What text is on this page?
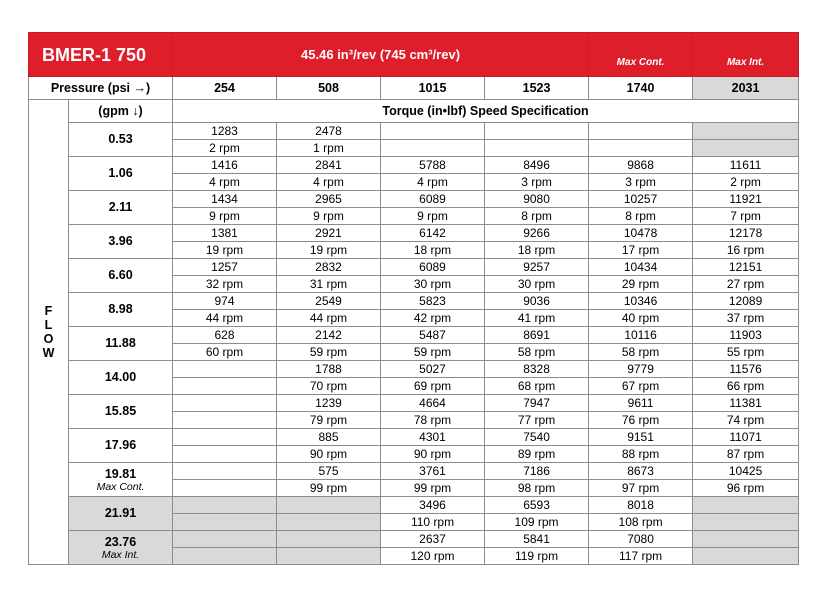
BMER-1 750		45.46 in³/rev (745 cm³/rev)				Max Cont.	Max Int.
Pressure (psi →)		254	508	1015	1523	1740	2031

F
L
O
W	(gpm ↓)	Torque (in•lbf) Speed Specification					

	0.53	1283	2478				
		2 rpm	1 rpm				

	1.06	1416	2841	5788	8496	9868	11611
		4 rpm	4 rpm	4 rpm	3 rpm	3 rpm	2 rpm

	2.11	1434	2965	6089	9080	10257	11921
		9 rpm	9 rpm	9 rpm	8 rpm	8 rpm	7 rpm

	3.96	1381	2921	6142	9266	10478	12178
		19 rpm	19 rpm	18 rpm	18 rpm	17 rpm	16 rpm

	6.60	1257	2832	6089	9257	10434	12151
		32 rpm	31 rpm	30 rpm	30 rpm	29 rpm	27 rpm

	8.98	974	2549	5823	9036	10346	12089
		44 rpm	44 rpm	42 rpm	41 rpm	40 rpm	37 rpm

	11.88	628	2142	5487	8691	10116	11903
		60 rpm	59 rpm	59 rpm	58 rpm	58 rpm	55 rpm

	14.00		1788	5027	8328	9779	11576
			70 rpm	69 rpm	68 rpm	67 rpm	66 rpm

	15.85		1239	4664	7947	9611	11381
			79 rpm	78 rpm	77 rpm	76 rpm	74 rpm

	17.96		885	4301	7540	9151	11071
			90 rpm	90 rpm	89 rpm	88 rpm	87 rpm

	19.81
Max Cont.		575	3761	7186	8673	10425
			99 rpm	99 rpm	98 rpm	97 rpm	96 rpm

	21.91			3496	6593	8018	
				110 rpm	109 rpm	108 rpm	

	23.76
Max Int.			2637	5841	7080	
				120 rpm	119 rpm	117 rpm	
